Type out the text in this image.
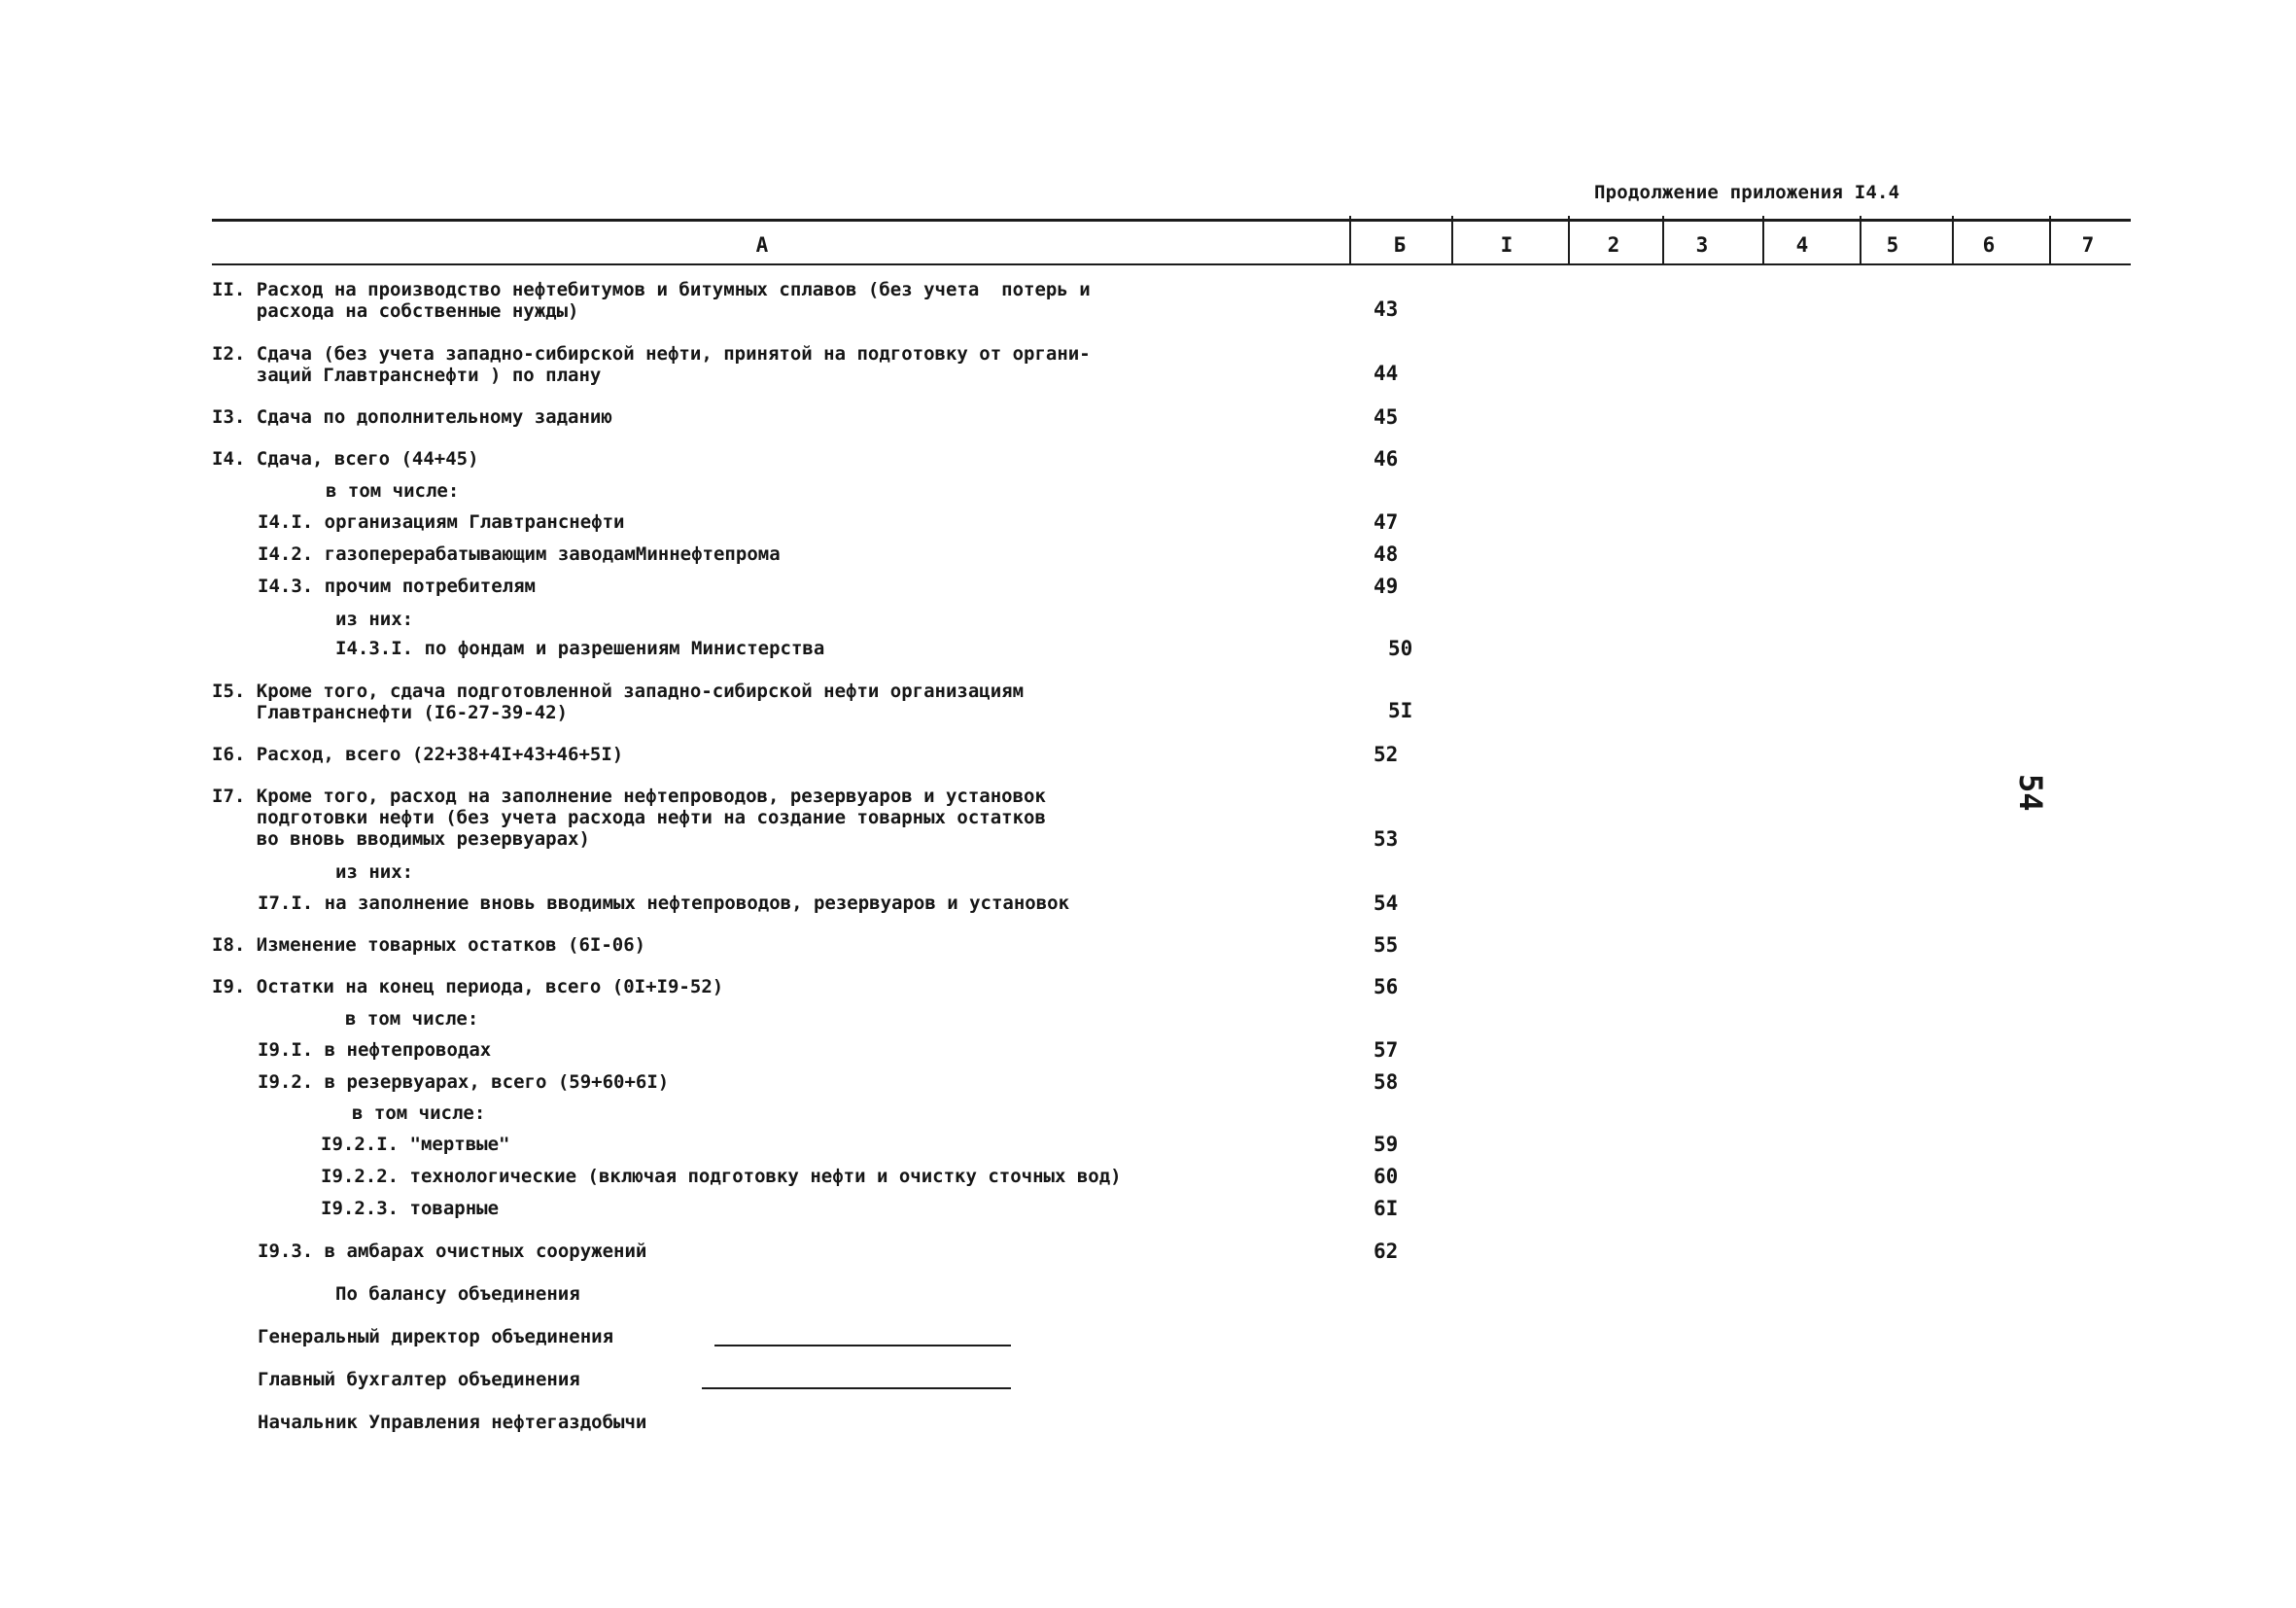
Продолжение приложения I4.4
А	Б	I	2	3	4	5	6	7
II. Расход на производство нефтебитумов и битумных сплавов (без учета  потерь и
расхода на собственные нужды)	43
I2. Сдача (без учета западно-сибирской нефти, принятой на подготовку от органи-
заций Главтранснефти ) по плану	44
I3. Сдача по дополнительному заданию	45
I4. Сдача, всего (44+45)	46
в том числе:
I4.I. организациям Главтранснефти	47
I4.2. газоперерабатывающим заводамМиннефтепрома	48
I4.3. прочим потребителям	49
из них:
I4.3.I. по фондам и разрешениям Министерства	50
I5. Кроме того, сдача подготовленной западно-сибирской нефти организациям
Главтранснефти (I6-27-39-42)	5I
I6. Расход, всего (22+38+4I+43+46+5I)	52
I7. Кроме того, расход на заполнение нефтепроводов, резервуаров и установок
подготовки нефти (без учета расхода нефти на создание товарных остатков
во вновь вводимых резервуарах)	53
из них:
I7.I. на заполнение вновь вводимых нефтепроводов, резервуаров и установок	54
I8. Изменение товарных остатков (6I-06)	55
I9. Остатки на конец периода, всего (0I+I9-52)	56
в том числе:
I9.I. в нефтепроводах	57
I9.2. в резервуарах, всего (59+60+6I)	58
в том числе:
I9.2.I. "мертвые"	59
I9.2.2. технологические (включая подготовку нефти и очистку сточных вод)	60
I9.2.3. товарные	6I
I9.3. в амбарах очистных сооружений	62
По балансу объединения
Генеральный директор объединения
Главный бухгалтер объединения
Начальник Управления нефтегаздобычи
54
